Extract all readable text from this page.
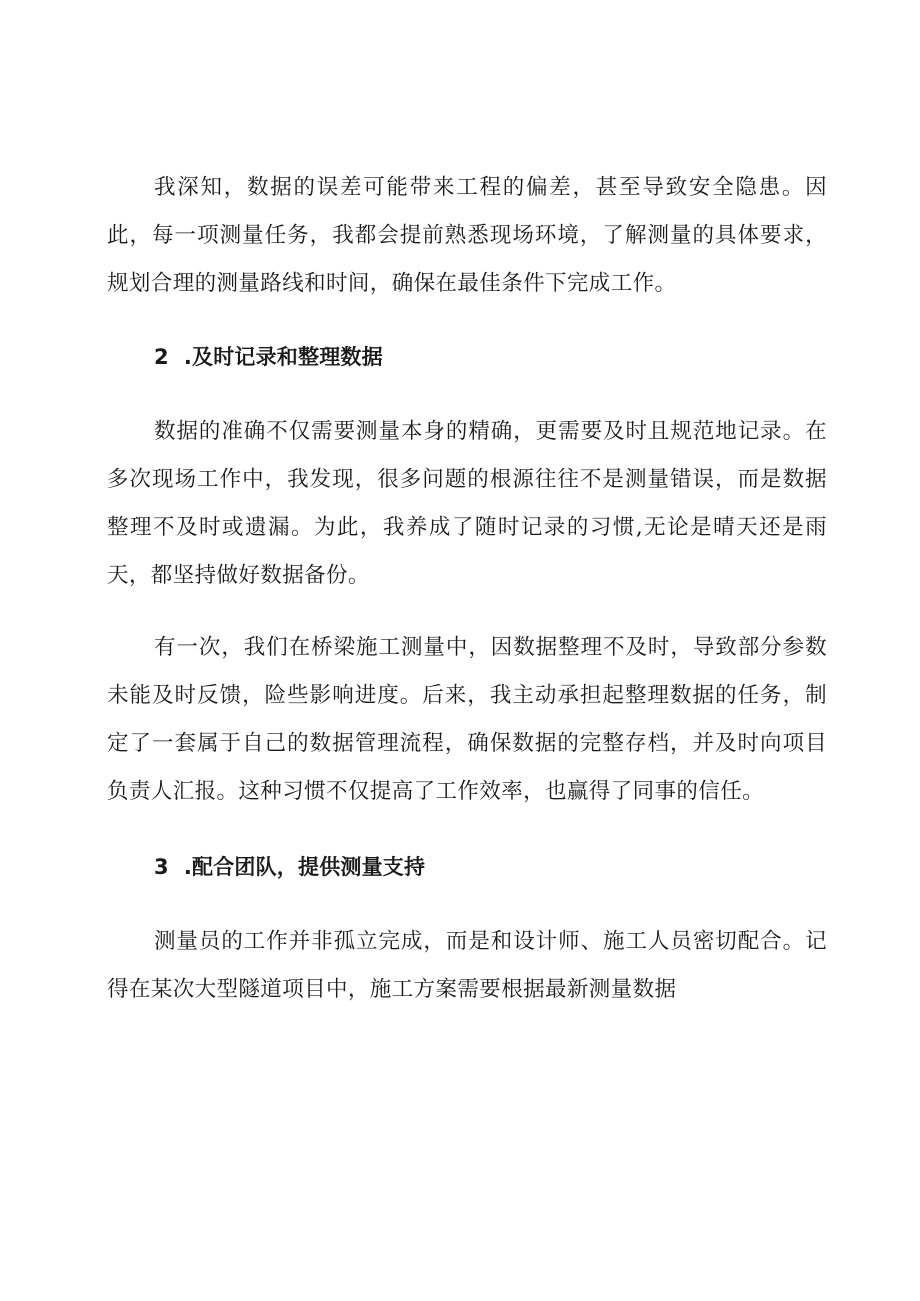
我深知，数据的误差可能带来工程的偏差，甚至导致安全隐患。因此，每一项测量任务，我都会提前熟悉现场环境，了解测量的具体要求，规划合理的测量路线和时间，确保在最佳条件下完成工作。

2  .及时记录和整理数据

数据的准确不仅需要测量本身的精确，更需要及时且规范地记录。在多次现场工作中，我发现，很多问题的根源往往不是测量错误，而是数据整理不及时或遗漏。为此，我养成了随时记录的习惯,无论是晴天还是雨天，都坚持做好数据备份。

有一次，我们在桥梁施工测量中，因数据整理不及时，导致部分参数未能及时反馈，险些影响进度。后来，我主动承担起整理数据的任务，制定了一套属于自己的数据管理流程，确保数据的完整存档，并及时向项目负责人汇报。这种习惯不仅提高了工作效率，也赢得了同事的信任。

3  .配合团队，提供测量支持

测量员的工作并非孤立完成，而是和设计师、施工人员密切配合。记得在某次大型隧道项目中，施工方案需要根据最新测量数据
